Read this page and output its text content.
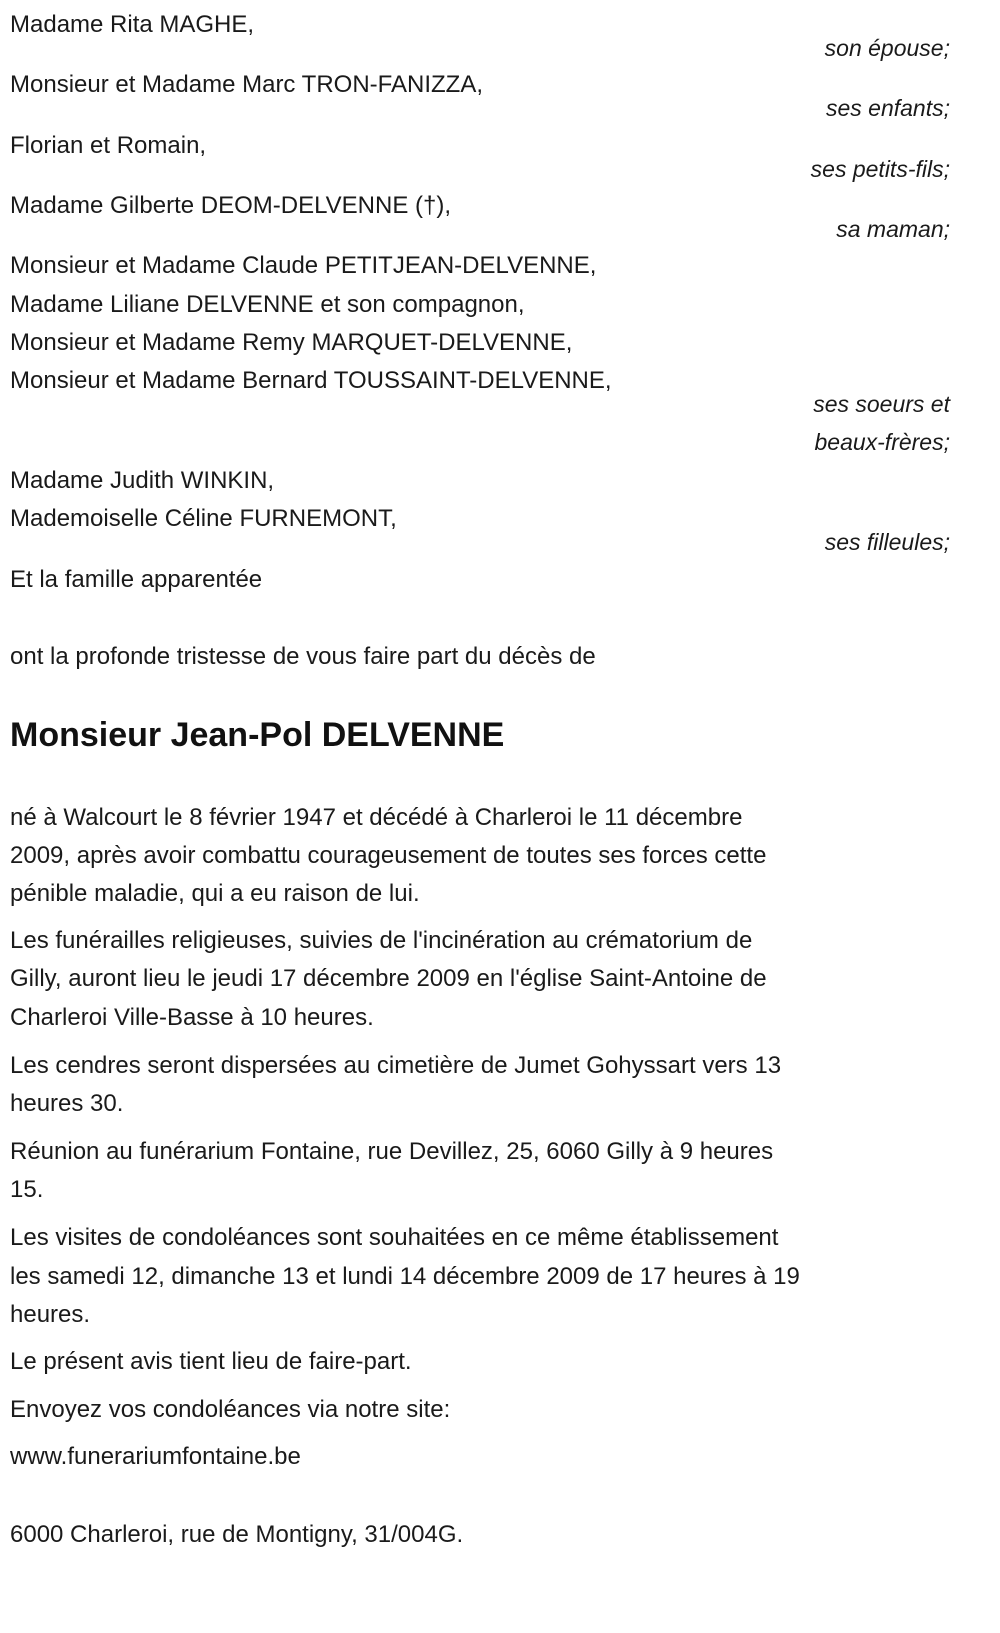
Madame Rita MAGHE,
son épouse;
Monsieur et Madame Marc TRON-FANIZZA,
ses enfants;
Florian et Romain,
ses petits-fils;
Madame Gilberte DEOM-DELVENNE (†),
sa maman;
Monsieur et Madame Claude PETITJEAN-DELVENNE,
Madame Liliane DELVENNE et son compagnon,
Monsieur et Madame Remy MARQUET-DELVENNE,
Monsieur et Madame Bernard TOUSSAINT-DELVENNE,
ses soeurs et
beaux-frères;
Madame Judith WINKIN,
Mademoiselle Céline FURNEMONT,
ses filleules;
Et la famille apparentée
ont la profonde tristesse de vous faire part du décès de
Monsieur Jean-Pol DELVENNE
né à Walcourt le 8 février 1947 et décédé à Charleroi le 11 décembre
2009, après avoir combattu courageusement de toutes ses forces cette
pénible maladie, qui a eu raison de lui.
Les funérailles religieuses, suivies de l'incinération au crématorium de
Gilly, auront lieu le jeudi 17 décembre 2009 en l'église Saint-Antoine de
Charleroi Ville-Basse à 10 heures.
Les cendres seront dispersées au cimetière de Jumet Gohyssart vers 13
heures 30.
Réunion au funérarium Fontaine, rue Devillez, 25, 6060 Gilly à 9 heures
15.
Les visites de condoléances sont souhaitées en ce même établissement
les samedi 12, dimanche 13 et lundi 14 décembre 2009 de 17 heures à 19
heures.
Le présent avis tient lieu de faire-part.
Envoyez vos condoléances via notre site:
www.funerariumfontaine.be
6000 Charleroi, rue de Montigny, 31/004G.
